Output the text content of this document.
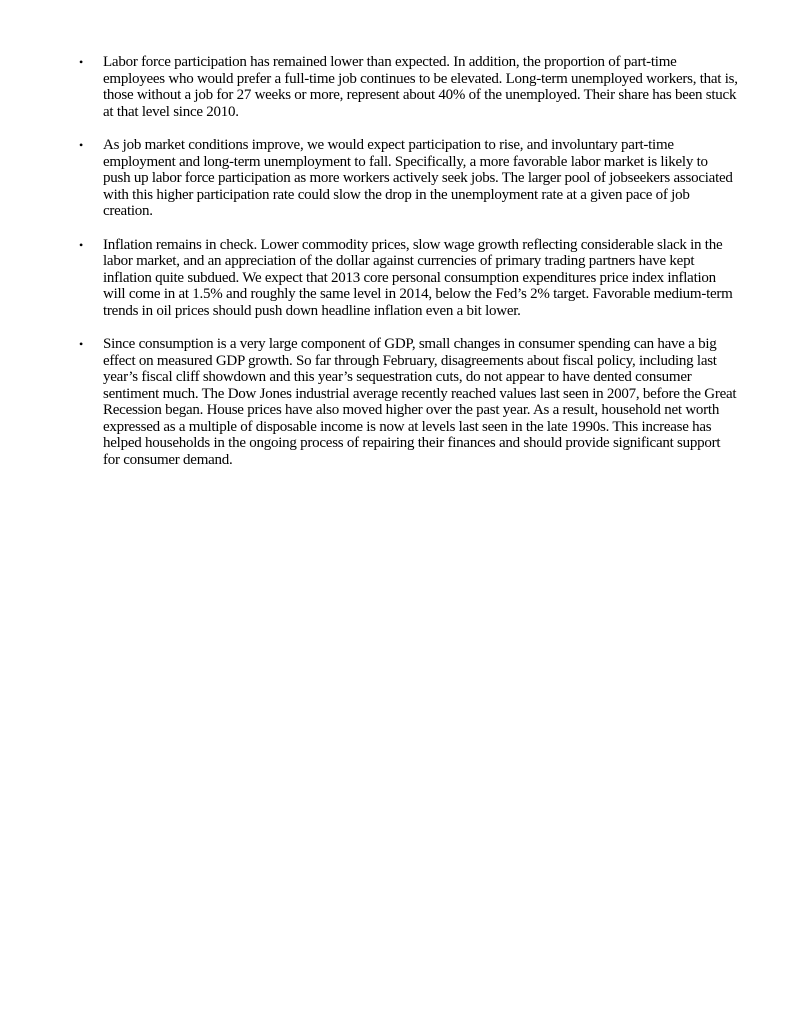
• Labor force participation has remained lower than expected. In addition, the proportion of part-time employees who would prefer a full-time job continues to be elevated. Long-term unemployed workers, that is, those without a job for 27 weeks or more, represent about 40% of the unemployed. Their share has been stuck at that level since 2010.
• As job market conditions improve, we would expect participation to rise, and involuntary part-time employment and long-term unemployment to fall. Specifically, a more favorable labor market is likely to push up labor force participation as more workers actively seek jobs. The larger pool of jobseekers associated with this higher participation rate could slow the drop in the unemployment rate at a given pace of job creation.
• Inflation remains in check. Lower commodity prices, slow wage growth reflecting considerable slack in the labor market, and an appreciation of the dollar against currencies of primary trading partners have kept inflation quite subdued. We expect that 2013 core personal consumption expenditures price index inflation will come in at 1.5% and roughly the same level in 2014, below the Fed’s 2% target. Favorable medium-term trends in oil prices should push down headline inflation even a bit lower.
• Since consumption is a very large component of GDP, small changes in consumer spending can have a big effect on measured GDP growth. So far through February, disagreements about fiscal policy, including last year’s fiscal cliff showdown and this year’s sequestration cuts, do not appear to have dented consumer sentiment much. The Dow Jones industrial average recently reached values last seen in 2007, before the Great Recession began. House prices have also moved higher over the past year. As a result, household net worth expressed as a multiple of disposable income is now at levels last seen in the late 1990s. This increase has helped households in the ongoing process of repairing their finances and should provide significant support for consumer demand.
